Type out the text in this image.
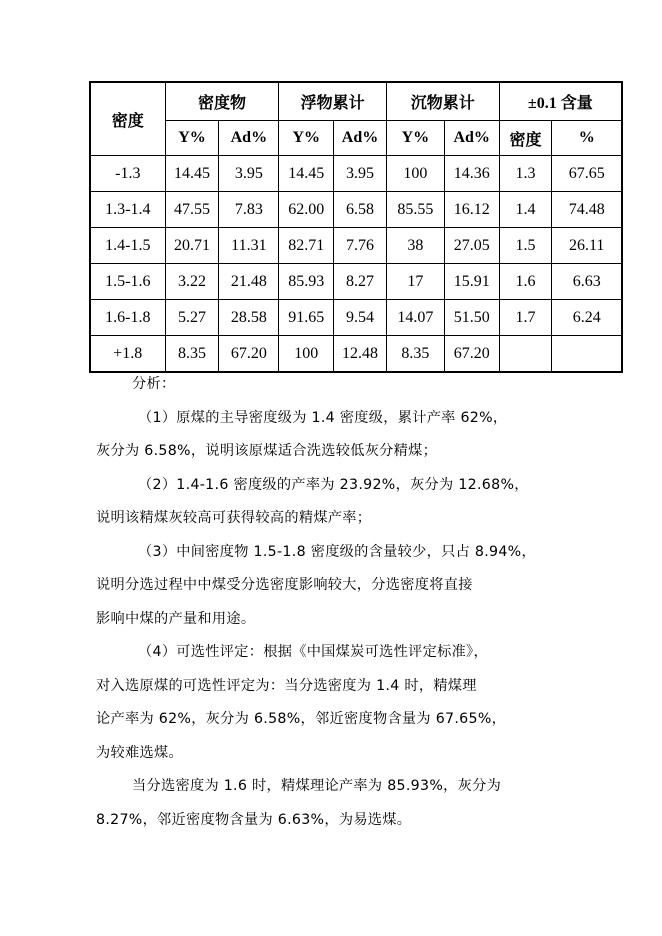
密度	密度物		浮物累计		沉物累计		±0.1 含量	
	Y%	Ad%	Y%	Ad%	Y%	Ad%	密度	%
-1.3	14.45	3.95	14.45	3.95	100	14.36	1.3	67.65
1.3-1.4	47.55	7.83	62.00	6.58	85.55	16.12	1.4	74.48
1.4-1.5	20.71	11.31	82.71	7.76	38	27.05	1.5	26.11
1.5-1.6	3.22	21.48	85.93	8.27	17	15.91	1.6	6.63
1.6-1.8	5.27	28.58	91.65	9.54	14.07	51.50	1.7	6.24
+1.8	8.35	67.20	100	12.48	8.35	67.20		

分析：

（1）原煤的主导密度级为 1.4 密度级，累计产率 62%，

灰分为 6.58%，说明该原煤适合洗选较低灰分精煤；

（2）1.4-1.6 密度级的产率为 23.92%，灰分为 12.68%，

说明该精煤灰较高可获得较高的精煤产率；

（3）中间密度物 1.5-1.8 密度级的含量较少，只占 8.94%，

说明分选过程中中煤受分选密度影响较大，分选密度将直接

影响中煤的产量和用途。

（4）可选性评定：根据《中国煤炭可选性评定标准》，

对入选原煤的可选性评定为：当分选密度为 1.4 时，精煤理

论产率为 62%，灰分为 6.58%，邻近密度物含量为 67.65%，

为较难选煤。

当分选密度为 1.6 时，精煤理论产率为 85.93%，灰分为

8.27%，邻近密度物含量为 6.63%，为易选煤。
